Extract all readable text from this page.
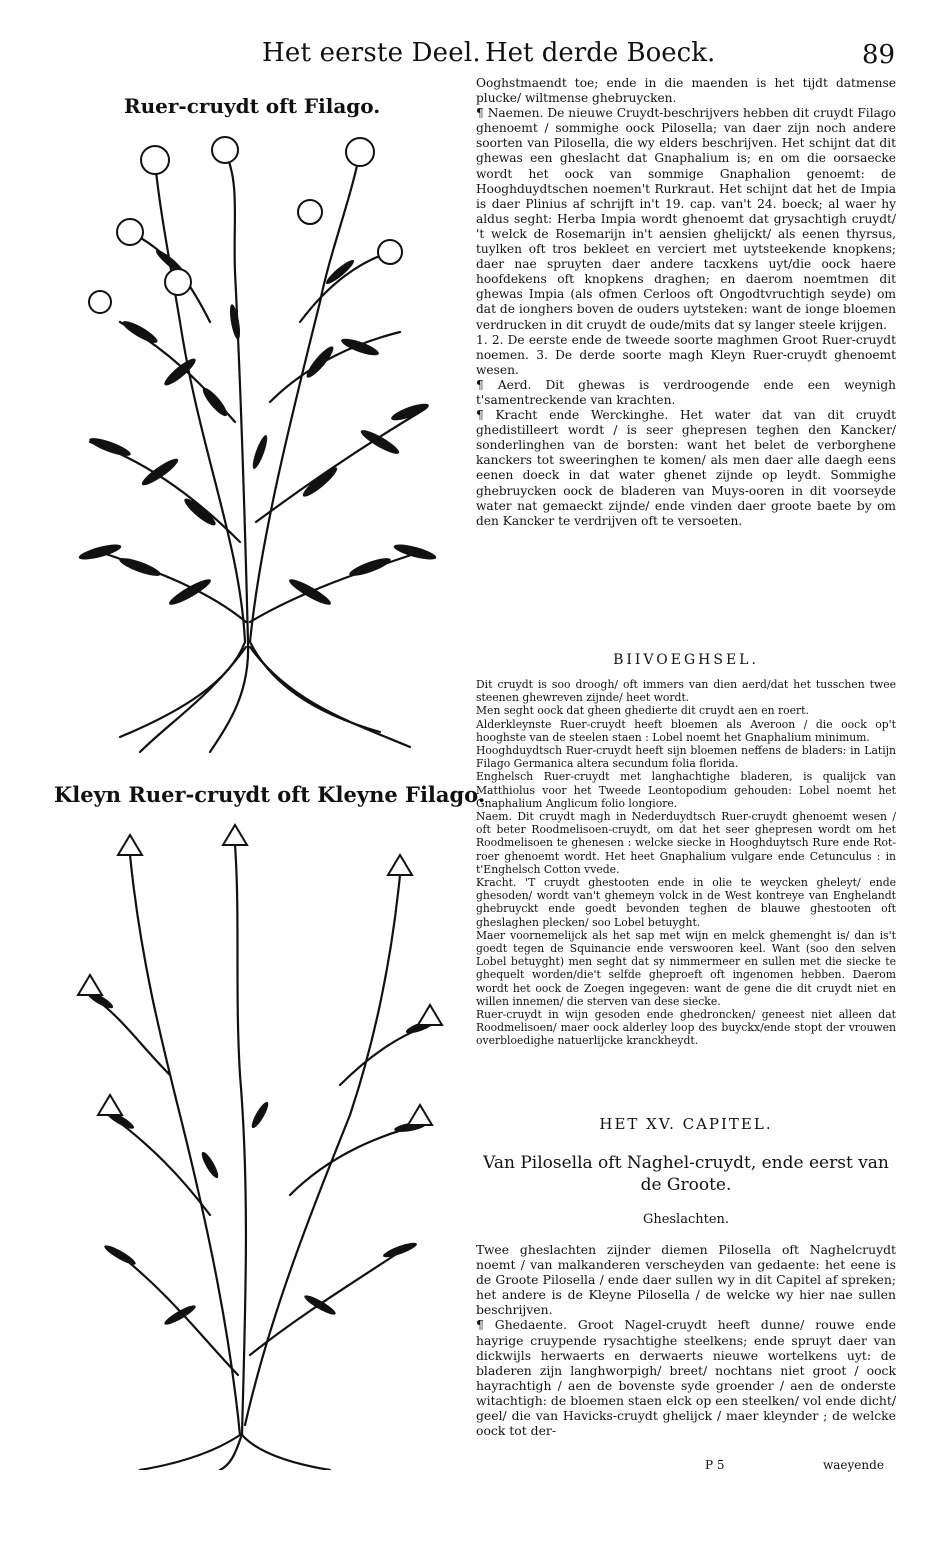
Het eerste Deel. Het derde Boeck.	89
Ruer-cruydt oft Filago.
Kleyn Ruer-cruydt oft Kleyne Filago.

Ooghstmaendt toe; ende in die maenden is het tijdt datmense plucke/ wiltmense ghebruycken.

¶ Naemen. De nieuwe Cruydt-beschrijvers hebben dit cruydt Filago ghenoemt / sommighe oock Pilosella; van daer zijn noch andere soorten van Pilosella, die wy elders beschrijven. Het schijnt dat dit ghewas een gheslacht dat Gnaphalium is; en om die oorsaecke wordt het oock van sommige Gnaphalion genoemt: de Hooghduydtschen noemen't Rurkraut. Het schijnt dat het de Impia is daer Plinius af schrijft in't 19. cap. van't 24. boeck; al waer hy aldus seght: Herba Impia wordt ghenoemt dat grysachtigh cruydt/ 't welck de Rosemarijn in't aensien ghelijckt/ als eenen thyrsus, tuylken oft tros bekleet en verciert met uytsteekende knopkens; daer nae spruyten daer andere tacxkens uyt/die oock haere hoofdekens oft knopkens draghen; en daerom noemtmen dit ghewas Impia (als ofmen Cerloos oft Ongodtvruchtigh seyde) om dat de ionghers boven de ouders uytsteken: want de ionge bloemen verdrucken in dit cruydt de oude/mits dat sy langer steele krijgen.

1. 2. De eerste ende de tweede soorte maghmen Groot Ruer-cruydt noemen. 3. De derde soorte magh Kleyn Ruer-cruydt ghenoemt wesen.

¶ Aerd. Dit ghewas is verdroogende ende een weynigh t'samentreckende van krachten.

¶ Kracht ende Werckinghe. Het water dat van dit cruydt ghedistilleert wordt / is seer ghepresen teghen den Kancker/ sonderlinghen van de borsten: want het belet de verborghene kanckers tot sweeringhen te komen/ als men daer alle daegh eens eenen doeck in dat water ghenet zijnde op leydt. Sommighe ghebruycken oock de bladeren van Muys-ooren in dit voorseyde water nat gemaeckt zijnde/ ende vinden daer groote baete by om den Kancker te verdrijven oft te versoeten.

BIIVOEGHSEL.

Dit cruydt is soo droogh/ oft immers van dien aerd/dat het tusschen twee steenen ghewreven zijnde/ heet wordt.

Men seght oock dat gheen ghedierte dit cruydt aen en roert.

Alderkleynste Ruer-cruydt heeft bloemen als Averoon / die oock op't hooghste van de steelen staen : Lobel noemt het Gnaphalium minimum.

Hooghduydtsch Ruer-cruydt heeft sijn bloemen neffens de bladers: in Latijn Filago Germanica altera secundum folia florida.

Enghelsch Ruer-cruydt met langhachtighe bladeren, is qualijck van Matthiolus voor het Tweede Leontopodium gehouden: Lobel noemt het Gnaphalium Anglicum folio longiore.

Naem. Dit cruydt magh in Nederduydtsch Ruer-cruydt ghenoemt wesen / oft beter Roodmelisoen-cruydt, om dat het seer ghepresen wordt om het Roodmelisoen te ghenesen : welcke siecke in Hooghduytsch Rure ende Rot-roer ghenoemt wordt. Het heet Gnaphalium vulgare ende Cetunculus : in t'Enghelsch Cotton vvede.

Kracht. 'T cruydt ghestooten ende in olie te weycken gheleyt/ ende ghesoden/ wordt van't ghemeyn volck in de West kontreye van Enghelandt ghebruyckt ende goedt bevonden teghen de blauwe ghestooten oft gheslaghen plecken/ soo Lobel betuyght.

Maer voornemelijck als het sap met wijn en melck ghemenght is/ dan is't goedt tegen de Squinancie ende verswooren keel. Want (soo den selven Lobel betuyght) men seght dat sy nimmermeer en sullen met die siecke te ghequelt worden/die't selfde gheproeft oft ingenomen hebben. Daerom wordt het oock de Zoegen ingegeven: want de gene die dit cruydt niet en willen innemen/ die sterven van dese siecke.

Ruer-cruydt in wijn gesoden ende ghedroncken/ geneest niet alleen dat Roodmelisoen/ maer oock alderley loop des buyckx/ende stopt der vrouwen overbloedighe natuerlijcke kranckheydt.

HET XV. CAPITEL.
Van Pilosella oft Naghel-cruydt, ende eerst van de Groote.
Gheslachten.

Twee gheslachten zijnder diemen Pilosella oft Naghelcruydt noemt / van malkanderen verscheyden van gedaente: het eene is de Groote Pilosella / ende daer sullen wy in dit Capitel af spreken; het andere is de Kleyne Pilosella / de welcke wy hier nae sullen beschrijven.

¶ Ghedaente. Groot Nagel-cruydt heeft dunne/ rouwe ende hayrige cruypende rysachtighe steelkens; ende spruyt daer van dickwijls herwaerts en derwaerts nieuwe wortelkens uyt: de bladeren zijn langhworpigh/ breet/ nochtans niet groot / oock hayrachtigh / aen de bovenste syde groender / aen de onderste witachtigh: de bloemen staen elck op een steelken/ vol ende dicht/ geel/ die van Havicks-cruydt ghelijck / maer kleynder ; de welcke oock tot der-

P 5	waeyende
